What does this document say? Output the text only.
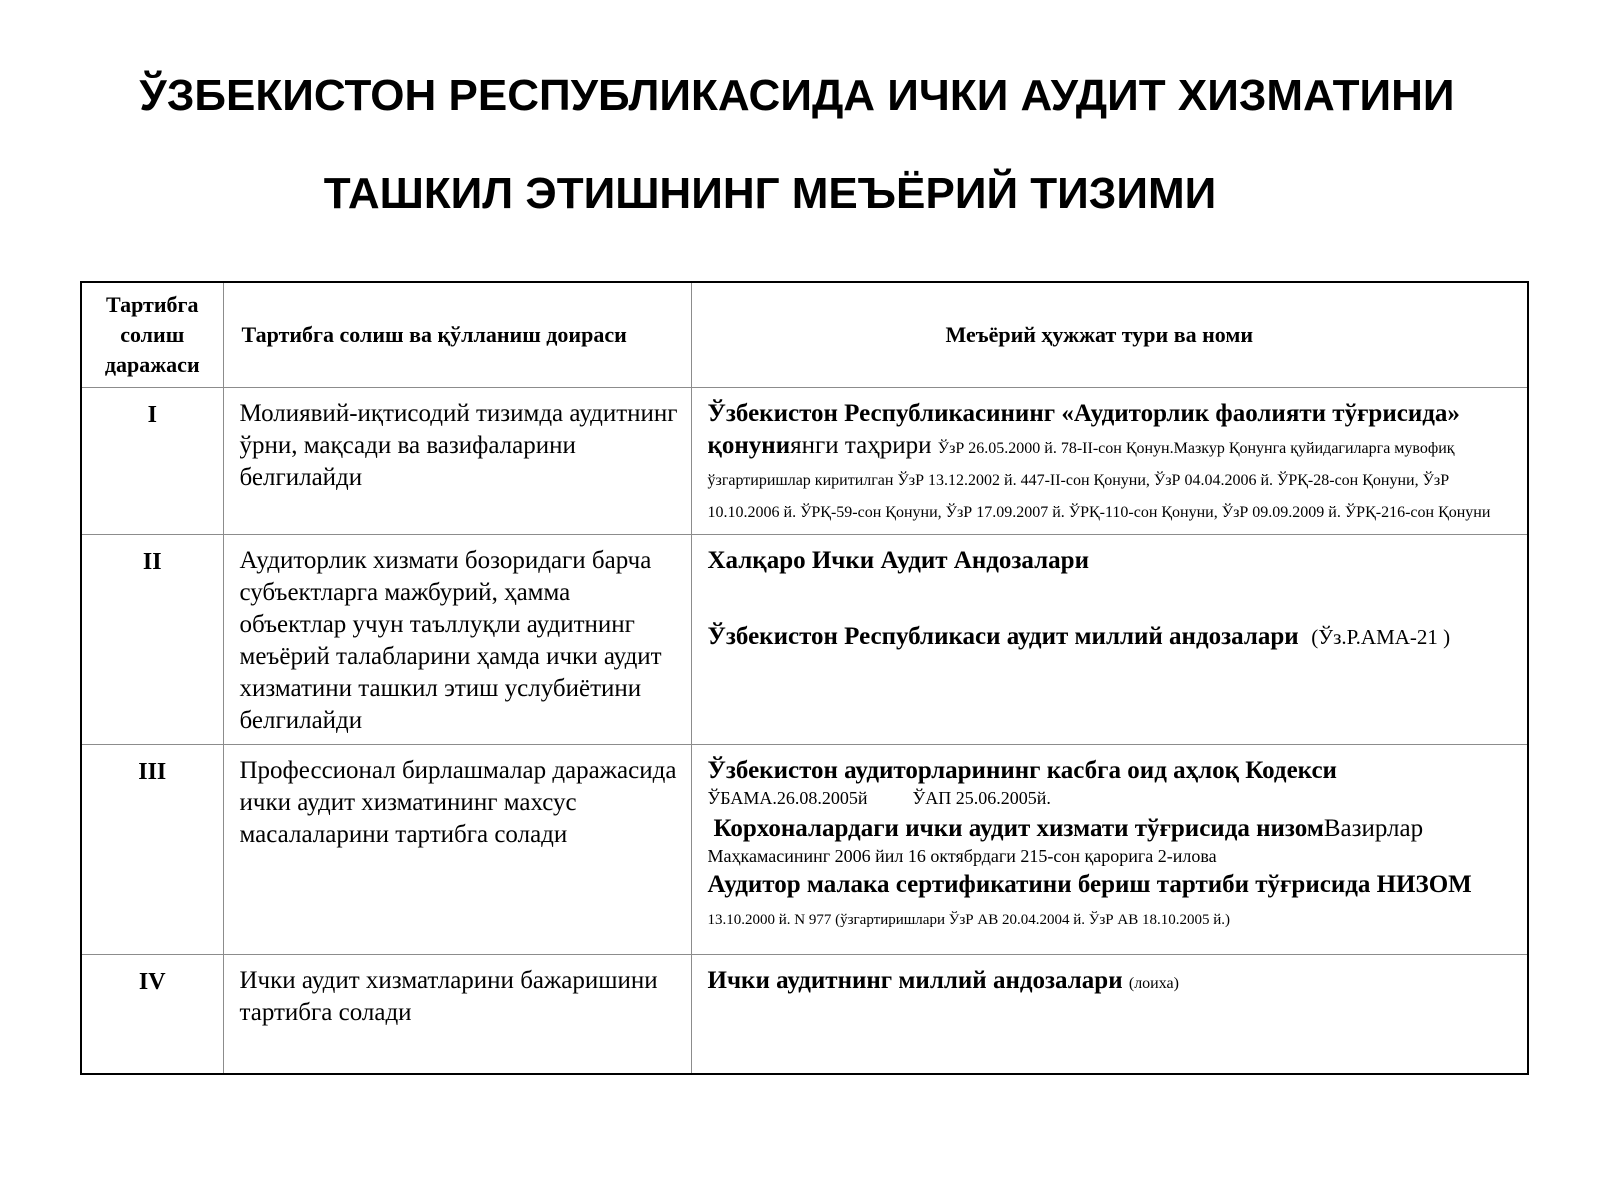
ЎЗБЕКИСТОН РЕСПУБЛИКАСИДА ИЧКИ АУДИТ ХИЗМАТИНИ
ТАШКИЛ ЭТИШНИНГ МЕЪЁРИЙ ТИЗИМИ
Тартибга солиш даражаси	Тартибга солиш ва қўлланиш доираси	Меъёрий ҳужжат тури ва номи
I	Молиявий-иқтисодий тизимда аудитнинг ўрни, мақсади ва вазифаларини белгилайди	Ўзбекистон Республикасининг «Аудиторлик фаолияти тўғрисида» қонуниянги таҳрири ЎзР 26.05.2000 й. 78-II-сон Қонун.Мазкур Қонунга қуйидагиларга мувофиқ ўзгартиришлар киритилган ЎзР 13.12.2002 й. 447-II-сон Қонуни, ЎзР 04.04.2006 й. ЎРҚ-28-сон Қонуни, ЎзР 10.10.2006 й. ЎРҚ-59-сон Қонуни, ЎзР 17.09.2007 й. ЎРҚ-110-сон Қонуни, ЎзР 09.09.2009 й. ЎРҚ-216-сон Қонуни
II	Аудиторлик хизмати бозоридаги барча субъектларга мажбурий, ҳамма объектлар учун таъллуқли аудитнинг меъёрий талабларини ҳамда ички аудит хизматини ташкил этиш услубиётини белгилайди	Халқаро Ички Аудит Андозалари
Ўзбекистон Республикаси аудит миллий андозалари (Ўз.Р.АМА-21 )

III	Профессионал бирлашмалар даражасида ички аудит хизматининг махсус масалаларини тартибга солади	Ўзбекистон аудиторларининг касбга оид аҳлоқ Кодекси
ЎБАМА.26.08.2005й          ЎАП 25.06.2005й.
Корхоналардаги ички аудит хизмати тўғрисида низомВазирлар
Маҳкамасининг 2006 йил 16 октябрдаги 215-сон қарорига 2-илова
Аудитор малака сертификатини бериш тартиби тўғрисида НИЗОМ  13.10.2000 й. N 977 (ўзгартиришлари ЎзР АВ 20.04.2004 й. ЎзР АВ 18.10.2005 й.)

IV	Ички аудит хизматларини бажаришини тартибга солади	Ички аудитнинг миллий андозалари (лоиха)
